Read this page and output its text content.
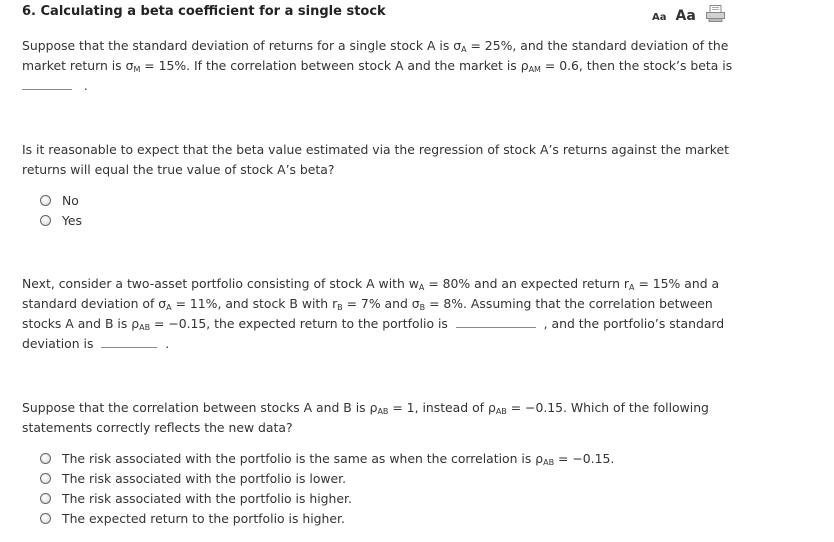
6. Calculating a beta coefficient for a single stock	Aa Aa
Suppose that the standard deviation of returns for a single stock A is $\sigma_A = 25\%$, and the standard deviation of the market return is $\sigma_M = 15\%$. If the correlation between stock A and the market is $\rho_{AM} = 0.6$, then the stock’s beta is
.
Is it reasonable to expect that the beta value estimated via the regression of stock A’s returns against the market returns will equal the true value of stock A’s beta?
No
Yes
Next, consider a two-asset portfolio consisting of stock A with $w_A = 80\%$ and an expected return $r_A = 15\%$ and a standard deviation of $\sigma_A = 11\%$, and stock B with $r_B = 7\%$ and $\sigma_B = 8\%$. Assuming that the correlation between stocks A and B is $\rho_{AB} = -0.15$, the expected return to the portfolio is	, and the portfolio’s standard deviation is	.
Suppose that the correlation between stocks A and B is $\rho_{AB} = 1$, instead of $\rho_{AB} = -0.15$. Which of the following statements correctly reflects the new data?
The risk associated with the portfolio is the same as when the correlation is $\rho_{AB} = -0.15$.
The risk associated with the portfolio is lower.
The risk associated with the portfolio is higher.
The expected return to the portfolio is higher.
